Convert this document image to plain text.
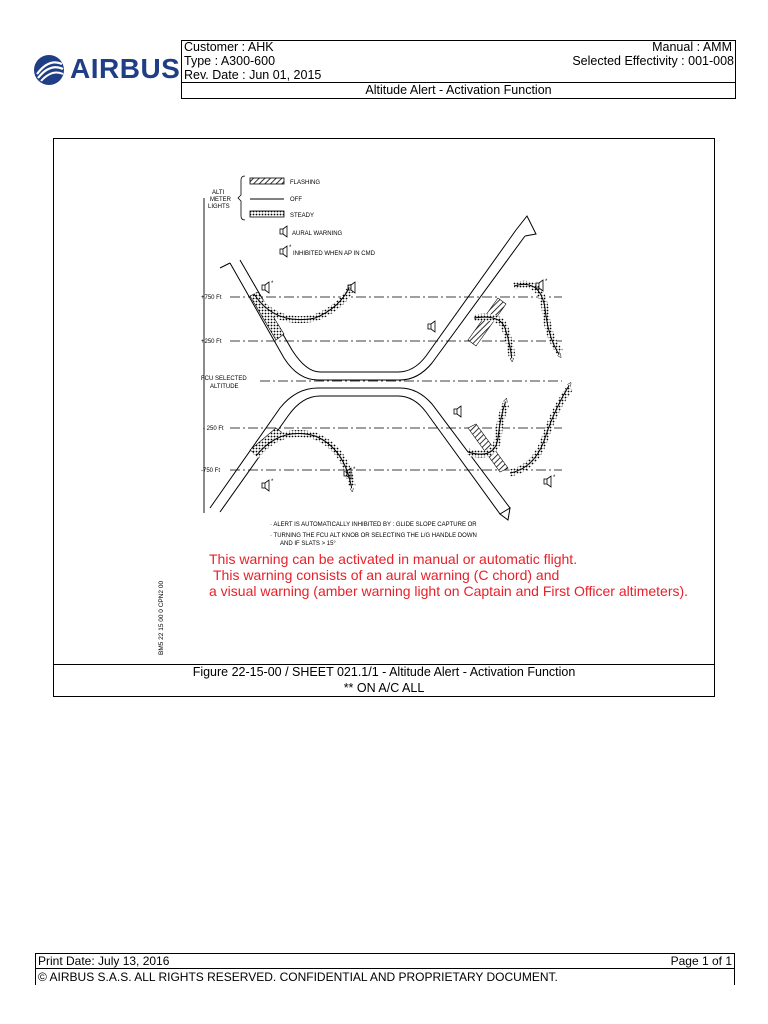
AIRBUS
Customer : AHK
Type : A300-600
Rev. Date : Jun 01, 2015
Manual : AMM
Selected Effectivity : 001-008
Altitude Alert - Activation Function
Figure 22-15-00 / SHEET 021.1/1 - Altitude Alert - Activation Function
** ON A/C ALL
ALTI METER LIGHTS
FLASHING
OFF
STEADY
AURAL WARNING
*
INHIBITED WHEN AP IN CMD
+750 Ft
+250 Ft
FCU SELECTED
ALTITUDE
- 250 Ft
-750 Ft
*	*
*
*
*
· ALERT IS AUTOMATICALLY INHIBITED BY : GLIDE SLOPE CAPTURE OR
· TURNING THE FCU ALT KNOB OR SELECTING THE L/G HANDLE DOWN
AND IF SLATS > 15°
BM5 22 15 00 0 CPN2 00
This warning can be activated in manual or automatic flight.
This warning consists of an aural warning (C chord) and
a visual warning (amber warning light on Captain and First Officer altimeters).
Print Date: July 13, 2016	Page 1 of 1
© AIRBUS S.A.S. ALL RIGHTS RESERVED. CONFIDENTIAL AND PROPRIETARY DOCUMENT.
